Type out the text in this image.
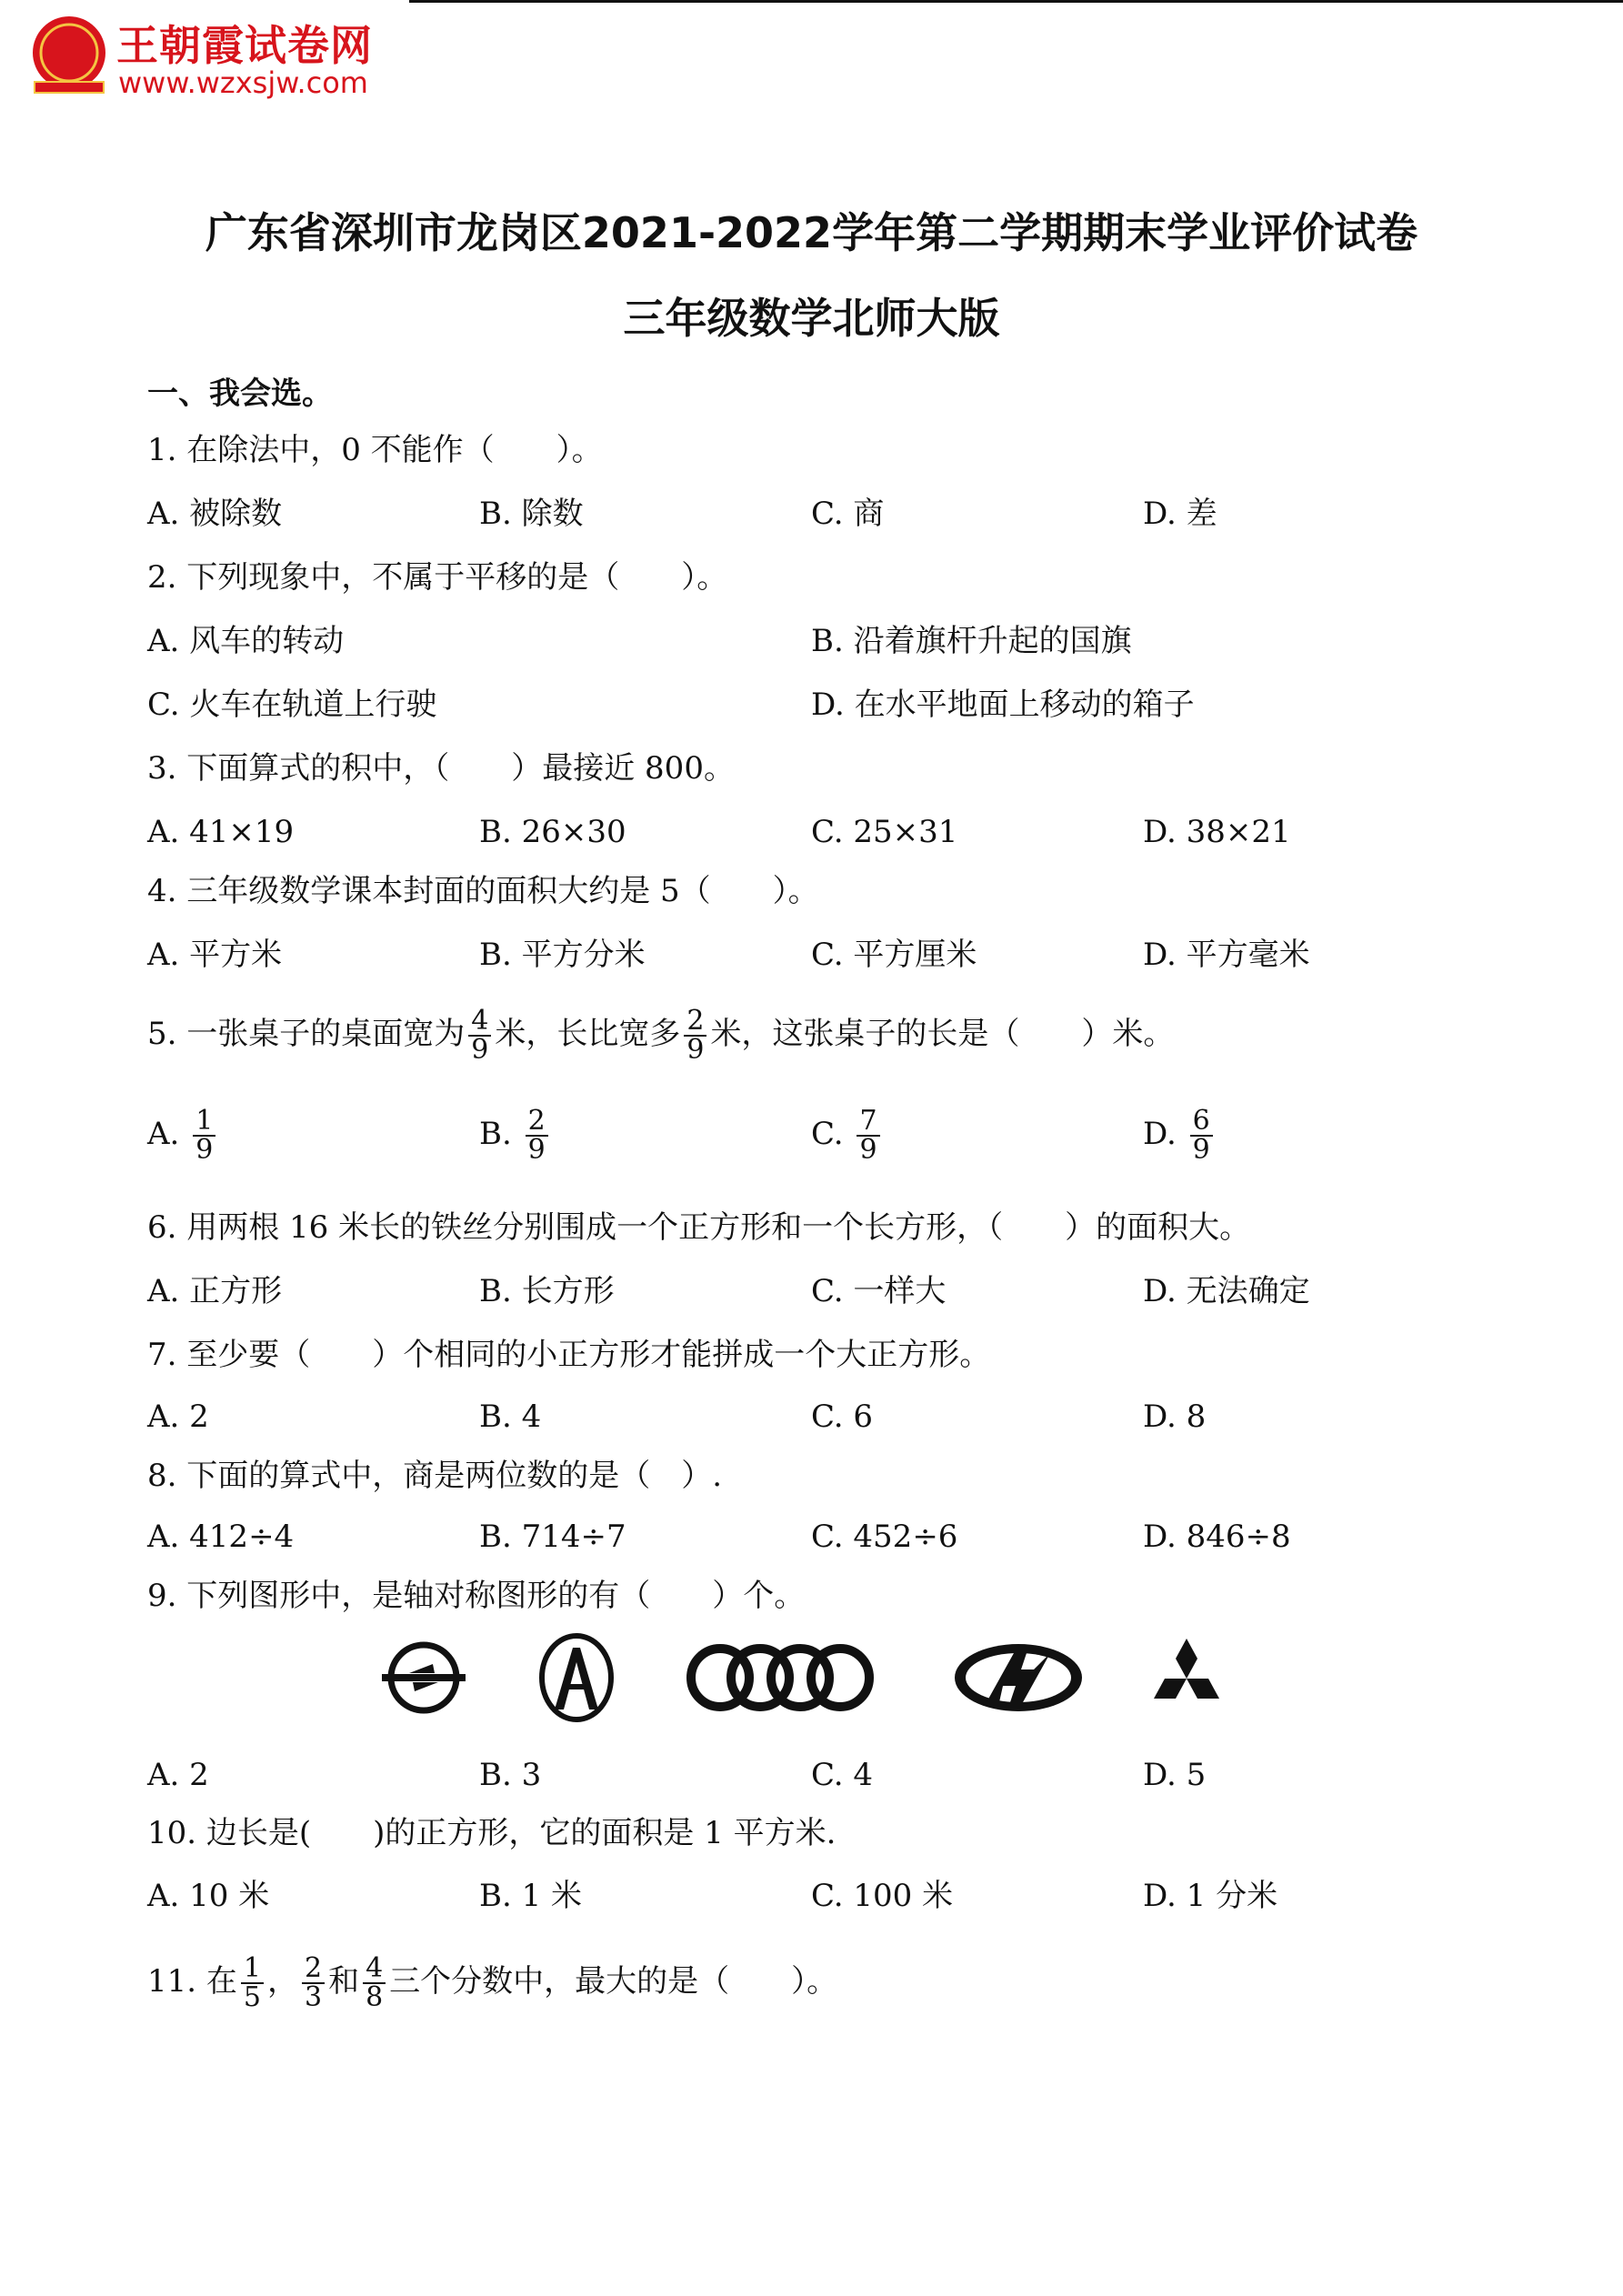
王朝霞试卷网
www.wzxsjw.com
广东省深圳市龙岗区2021-2022学年第二学期期末学业评价试卷
三年级数学北师大版
一、我会选。
1. 在除法中，0 不能作（　　）。
A. 被除数	B. 除数	C. 商	D. 差
2. 下列现象中，不属于平移的是（　　）。
A. 风车的转动	B. 沿着旗杆升起的国旗
C. 火车在轨道上行驶	D. 在水平地面上移动的箱子
3. 下面算式的积中，（　　）最接近 800。
A. 41×19	B. 26×30	C. 25×31	D. 38×21
4. 三年级数学课本封面的面积大约是 5（　　）。
A. 平方米	B. 平方分米	C. 平方厘米	D. 平方毫米
5. 一张桌子的桌面宽为 $\frac{4}{9}$ 米，长比宽多 $\frac{2}{9}$ 米，这张桌子的长是（　　）米。
A. $\frac{1}{9}$	B. $\frac{2}{9}$	C. $\frac{7}{9}$	D. $\frac{6}{9}$
6. 用两根 16 米长的铁丝分别围成一个正方形和一个长方形，（　　）的面积大。
A. 正方形	B. 长方形	C. 一样大	D. 无法确定
7. 至少要（　　）个相同的小正方形才能拼成一个大正方形。
A. 2	B. 4	C. 6	D. 8
8. 下面的算式中，商是两位数的是（　）.
A. 412÷4	B. 714÷7	C. 452÷6	D. 846÷8
9. 下列图形中，是轴对称图形的有（　　）个。
A. 2	B. 3	C. 4	D. 5
10. 边长是(　　)的正方形，它的面积是 1 平方米.
A. 10 米	B. 1 米	C. 100 米	D. 1 分米
11. 在 $\frac{1}{5}$ ， $\frac{2}{3}$ 和 $\frac{4}{8}$ 三个分数中，最大的是（　　）。
